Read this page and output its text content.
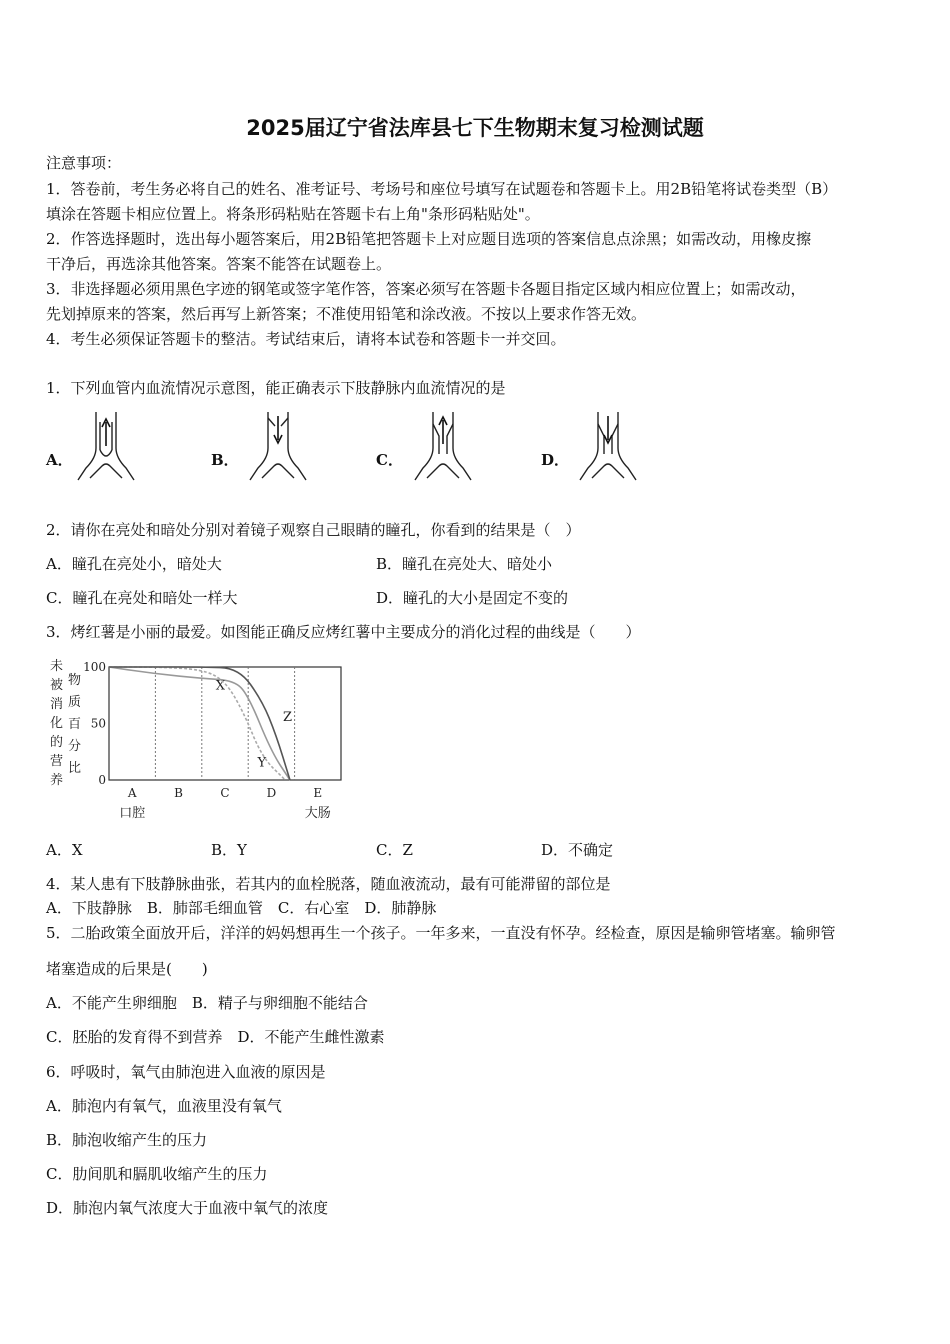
2025届辽宁省法库县七下生物期末复习检测试题
注意事项：
1．答卷前，考生务必将自己的姓名、准考证号、考场号和座位号填写在试题卷和答题卡上。用2B铅笔将试卷类型（B）
填涂在答题卡相应位置上。将条形码粘贴在答题卡右上角"条形码粘贴处"。
2．作答选择题时，选出每小题答案后，用2B铅笔把答题卡上对应题目选项的答案信息点涂黑；如需改动，用橡皮擦
干净后，再选涂其他答案。答案不能答在试题卷上。
3．非选择题必须用黑色字迹的钢笔或签字笔作答，答案必须写在答题卡各题目指定区域内相应位置上；如需改动，
先划掉原来的答案，然后再写上新答案；不准使用铅笔和涂改液。不按以上要求作答无效。
4．考生必须保证答题卡的整洁。考试结束后，请将本试卷和答题卡一并交回。
1．下列血管内血流情况示意图，能正确表示下肢静脉内血流情况的是
A．	B．	C．	D．
2．请你在亮处和暗处分别对着镜子观察自己眼睛的瞳孔，你看到的结果是（　）
A．瞳孔在亮处小，暗处大	B．瞳孔在亮处大、暗处小
C．瞳孔在亮处和暗处一样大	D．瞳孔的大小是固定不变的
3．烤红薯是小丽的最爱。如图能正确反应烤红薯中主要成分的消化过程的曲线是（　　）
未
被
消
化
的
营
养
物
质
百
分
比
100
50
0
A
口腔
B	C	D	E
大肠
X
Y
Z
A．X	B．Y	C．Z	D．不确定
4．某人患有下肢静脉曲张，若其内的血栓脱落，随血液流动，最有可能滞留的部位是
A．下肢静脉　B．肺部毛细血管　C．右心室　D．肺静脉
5．二胎政策全面放开后，洋洋的妈妈想再生一个孩子。一年多来，一直没有怀孕。经检查，原因是输卵管堵塞。输卵管
堵塞造成的后果是(　　)
A．不能产生卵细胞　B．精子与卵细胞不能结合
C．胚胎的发育得不到营养　D．不能产生雌性激素
6．呼吸时，氧气由肺泡进入血液的原因是
A．肺泡内有氧气，血液里没有氧气
B．肺泡收缩产生的压力
C．肋间肌和膈肌收缩产生的压力
D．肺泡内氧气浓度大于血液中氧气的浓度
